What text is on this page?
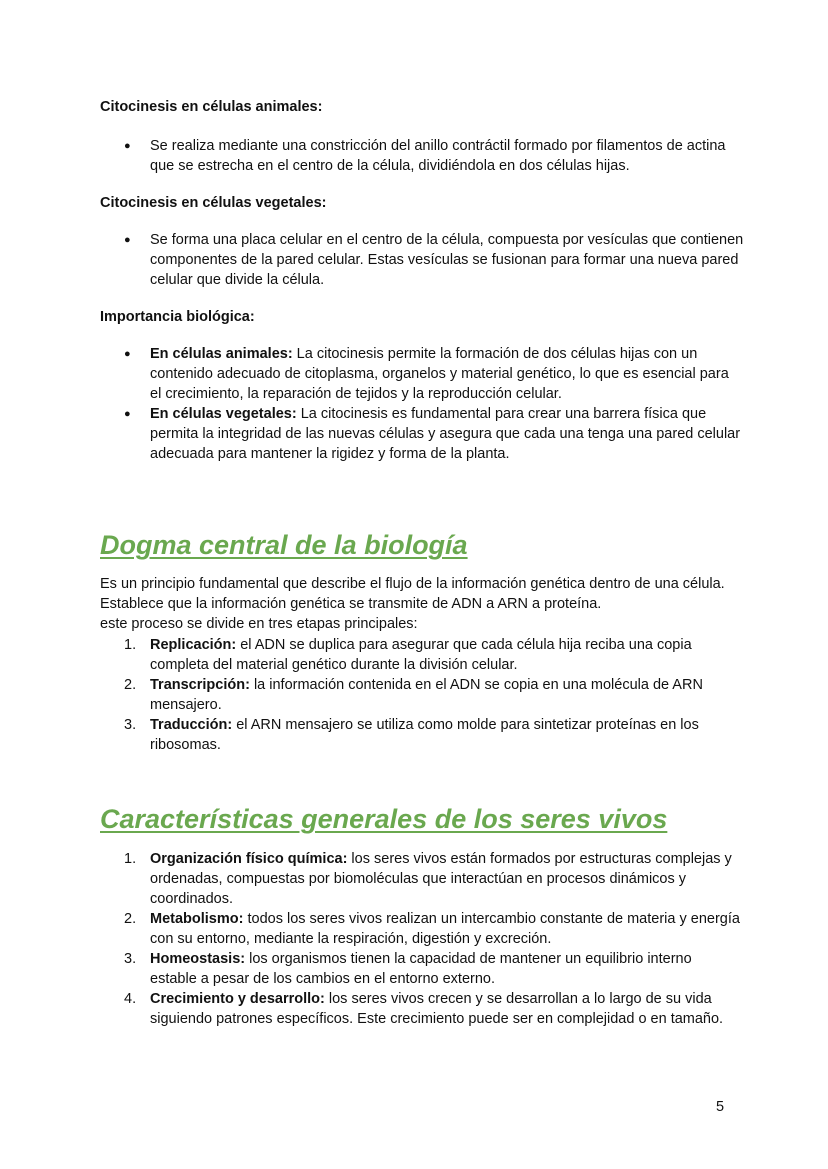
Citocinesis en células animales:

● Se realiza mediante una constricción del anillo contráctil formado por filamentos de actina que se estrecha en el centro de la célula, dividiéndola en dos células hijas.

Citocinesis en células vegetales:

● Se forma una placa celular en el centro de la célula, compuesta por vesículas que contienen componentes de la pared celular. Estas vesículas se fusionan para formar una nueva pared celular que divide la célula.

Importancia biológica:

● En células animales: La citocinesis permite la formación de dos células hijas con un contenido adecuado de citoplasma, organelos y material genético, lo que es esencial para el crecimiento, la reparación de tejidos y la reproducción celular.
● En células vegetales: La citocinesis es fundamental para crear una barrera física que permita la integridad de las nuevas células y asegura que cada una tenga una pared celular adecuada para mantener la rigidez y forma de la planta.
Dogma central de la biología

Es un principio fundamental que describe el flujo de la información genética dentro de una célula. Establece que la información genética se transmite de ADN a ARN a proteína.
este proceso se divide en tres etapas principales:

1. Replicación: el ADN se duplica para asegurar que cada célula hija reciba una copia completa del material genético durante la división celular.
2. Transcripción: la información contenida en el ADN se copia en una molécula de ARN mensajero.
3. Traducción: el ARN mensajero se utiliza como molde para sintetizar proteínas en los ribosomas.
Características generales de los seres vivos
1. Organización físico química: los seres vivos están formados por estructuras complejas y ordenadas, compuestas por biomoléculas que interactúan en procesos dinámicos y coordinados.
2. Metabolismo: todos los seres vivos realizan un intercambio constante de materia y energía con su entorno, mediante la respiración, digestión y excreción.
3. Homeostasis: los organismos tienen la capacidad de mantener un equilibrio interno estable a pesar de los cambios en el entorno externo.
4. Crecimiento y desarrollo: los seres vivos crecen y se desarrollan a lo largo de su vida siguiendo patrones específicos. Este crecimiento puede ser en complejidad o en tamaño.
5
